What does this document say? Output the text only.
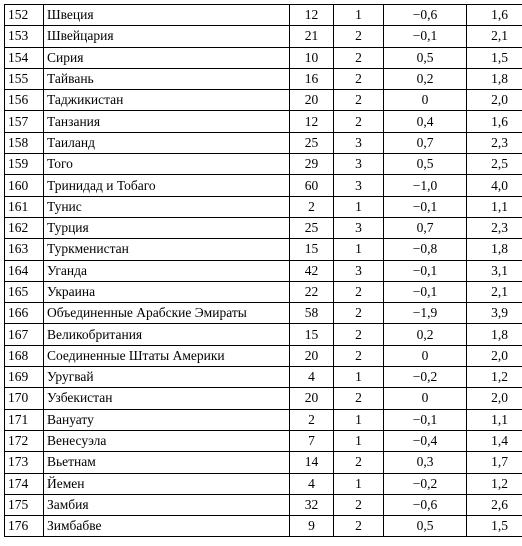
152	Швеция	12	1	−0,6	1,6
153	Швейцария	21	2	−0,1	2,1
154	Сирия	10	2	0,5	1,5
155	Тайвань	16	2	0,2	1,8
156	Таджикистан	20	2	0	2,0
157	Танзания	12	2	0,4	1,6
158	Таиланд	25	3	0,7	2,3
159	Того	29	3	0,5	2,5
160	Тринидад и Тобаго	60	3	−1,0	4,0
161	Тунис	2	1	−0,1	1,1
162	Турция	25	3	0,7	2,3
163	Туркменистан	15	1	−0,8	1,8
164	Уганда	42	3	−0,1	3,1
165	Украина	22	2	−0,1	2,1
166	Объединенные Арабские Эмираты	58	2	−1,9	3,9
167	Великобритания	15	2	0,2	1,8
168	Соединенные Штаты Америки	20	2	0	2,0
169	Уругвай	4	1	−0,2	1,2
170	Узбекистан	20	2	0	2,0
171	Вануату	2	1	−0,1	1,1
172	Венесуэла	7	1	−0,4	1,4
173	Вьетнам	14	2	0,3	1,7
174	Йемен	4	1	−0,2	1,2
175	Замбия	32	2	−0,6	2,6
176	Зимбабве	9	2	0,5	1,5
